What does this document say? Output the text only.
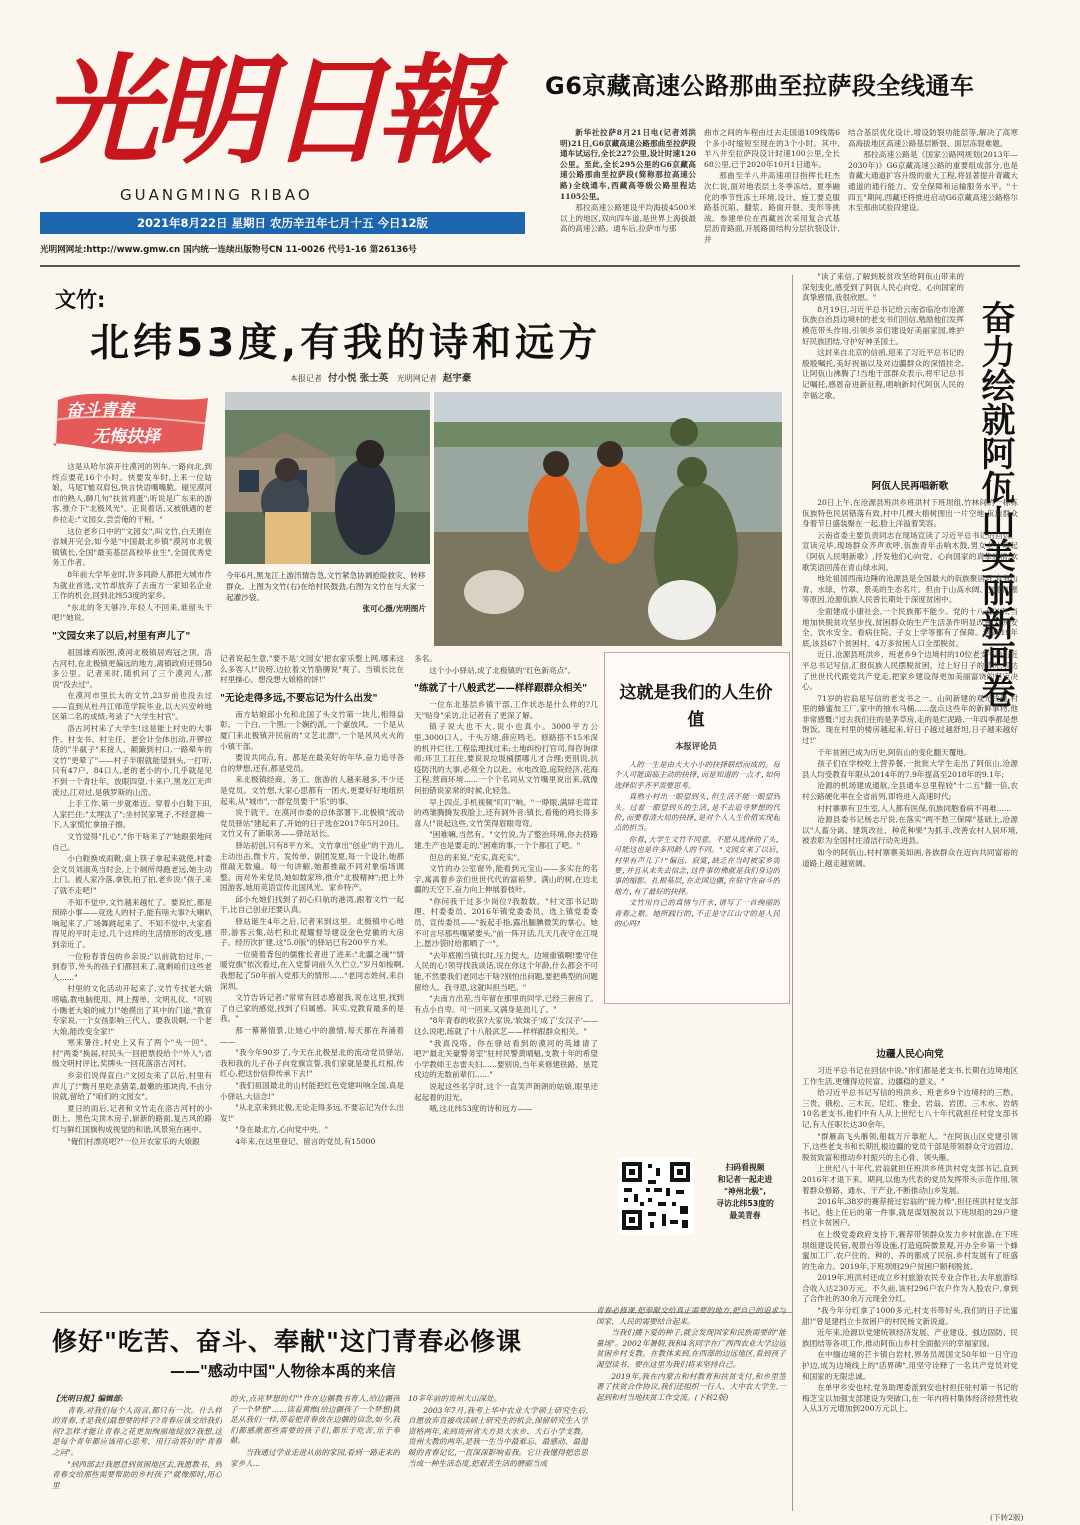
光
明
日
報
GUANGMING RIBAO
2021年8月22日 星期日 农历辛丑年七月十五 今日12版
光明网网址:http://www.gmw.cn 国内统一连续出版物号CN 11-0026 代号1-16 第26136号
G6京藏高速公路那曲至拉萨段全线通车

新华社拉萨8月21日电(记者刘洪明)21日,G6京藏高速公路那曲至拉萨段通车试运行,全长227公里,设计时速120公里。至此,全长295公里的G6京藏高速公路那曲至拉萨段(简称那拉高速公路)全线通车,西藏高等级公路里程达1105公里。

那拉高速公路建设平均海拔4500米以上的地区,双向四车道,是世界上海拔最高的高速公路。通车后,拉萨市与那

曲市之间的车程由过去走国道109线需6个多小时缩短至现在的3个小时。其中,羊八井至拉萨段设计时速100公里,全长68公里,已于2020年10月1日通车。

那曲至羊八井高速项目指挥长旺杰次仁说,面对地表层土冬季冻结、夏季融化的季节性冻土环境,设计、施工要克服路基沉陷、翻浆、路面开裂、变形等挑战。参建单位在西藏首次采用复合式基层沥青路面,开展路面结构分层抗裂设计,并

结合基层优化设计,增设防裂功能层等,解决了高寒高海拔地区高速公路基层断裂、面层冻裂难题。

那拉高速公路是《国家公路网规划(2013年—2030年)》G6京藏高速公路的重要组成部分,也是青藏大通道扩容升级的重大工程,将显著提升青藏大通道的通行能力、安全保障和运输服务水平。"十四五"期间,西藏还将推进启动G6京藏高速公路格尔木至那曲试验段建设。

文竹:
北纬53度,有我的诗和远方
本报记者 付小悦 张士英 光明网记者 赵宇豪
奋斗青春
无悔抉择
今年6月,黑龙江上游汛情告急,文竹紧急协调抢险救灾、转移群众。上图为文竹(右)在给村民鼓劲,右图为文竹在与大家一起灌沙袋。
张可心摄/光明图片

这是从哈尔滨开往漠河的列车,一路向北,到终点要花16个小时。快要发车时,上来一位姑娘。马尾T恤双肩包,快言快语嘴嘴脆。碰见漠河市的熟人,聊几句"扶贫鸡蛋";听说是广东来的游客,推介下"北极风光"。正说着话,又被俄遇的老乡拉走:"文园女,尝尝俺的干粮。"

这位老乡口中的"文园女",叫文竹,白天刚在省城开完会,如今是"中国最北乡镇"漠河市北极镇镇长,全国"最美基层高校毕业生",全国优秀党务工作者。

8年前大学毕业时,许多同龄人都把大城市作为就业首选,文竹却放弃了去南方一家知名企业工作的机会,回到北纬53度的家乡。

"东北的冬天够冷,年轻人不回来,谁留头干吧!"她说。

"文园女来了以后,村里有声儿了"

祖国雄鸡版图,漠河北极镇居鸡冠之顶。洛古河村,在北极镇更偏远的地方,离镇政府还得50多公里。记者来时,随机问了三个漠河人,都说"没去过"。

在漠河市里长大的文竹,23岁前也没去过——直到从杜丹江师范学院毕业,以大兴安岭地区第二名的成绩,考录了"大学生村官"。

洛古河村来了大学生!这是能上村史的大事件。村支书、村主任、老会计全体出动,开锣拉货的"半截子"来接人。颠簸到村口,一路晕车的文竹"更晕了"——村子半眼就能望到头,一打听,只有47户、84口人,老的老小的小,几乎就是见不到一个青壮年。放眼四望,十来户,黑龙江无声流过,江对过,是俄罗斯的山峦。

上手工作,第一步就难迈。穿着小白鞋下田,人家拦住:"太埋汰了";坐村民家凳子,不经意拂一下,人家慌忙拿抽子擦。

文竹觉得"扎心","你干啥来了?"她跟狠地问自己。

小白鞋换成雨靴,桌上筷子拿起来就使,村委会文员刘淑英当时会,上个厕所得跑老远,她主动上门。被人家冷落,拿铁,拍了拍,老乡说:"孩子,来了就不走吧!"

不知不觉中,文竹越来越忙了。要说忙,都是琐碎小事——竞选人的村子,能有啥大事?大喇叭响起来了,广场舞跳起来了。不知不觉中,大家看得见的平时走过,几个这样的生活情形的改变,感到亲近了。

一位粉春背包的乡亲说:"以前就怕过年,一到春节,外头的孩子们都回来了,就剩咱们这些老人......"

村里的文化活动开起来了,文竹专找老大娘唠嗑,教电脑使用、网上搜单、文明礼仪、"可别小瞧老大娘的威力!"她摸出了其中的门道,"教育专家说,一个女孩影响三代人。要我说啊,一个老大娘,能改变全家!"

寒来暑往,村史上又有了两个"头一回"。村"两委"换届,村民头一回把票投给个"外人";省级文明村评比,奖牌头一回花落洛古河村。

乡亲们说得直白:"文园女来了以后,村里有声儿了!"黝月里吃杀猪菜,最嫩的那块肉,不由分说就,留给了"咱们的文园女"。

夏日的雨后,记者和文竹走在洛古河村的小街上。黑色尖顶木房子,崭新的路面,复古风的路灯与鲜红国旗构成视觉的和谐,风景宛在画中。

"俺们村漂亮吧?"一位开农家乐的大娘跟

记者说起生意,"要不是'文园女'把农家乐整上网,哪来这么多客人!"说唠,边拉着文竹胳膊说"爽了。当镇长比在村里操心。想没想大娘格的饼!"

"无论走得多远,不要忘记为什么出发"

南方姑娘邱小允和北国了头文竹第一块儿,相得益彰。一个白,一个黑;一个娴约派,一个豪放风。一个是从厦门来北极镇开民宿的"文艺北漂",一个是风风火火的小镇干部。

要说共同点,有。都是在最美好的年华,奋力追寻各自的梦想,还有,都是党员。

来北极镇经商、务工、旅游的人越来越多,不少还是党员。文竹想,大家心思都有一团火,更要好好地组织起来,从"城市",一群党员要干"乐"的事。

说干就干。在漠河市委的总体部署下,北极镇"流动党员驿站"建起来了,开始的日子选在2017年5月20日。文竹又有了新职务——驿站站长。

驿站初创,只有8平方米。文竹拿出"创业"的干劲儿,主动出击,微卡片、发传单、剧团发夏,每一个设计,她都推敲无数遍。每一句讲解,她都推敲不同对象临场调整。而对外来党员,她如数家珍,推介"北极精神";把上外国游客,她用英语宣传北国风光、家乡特产。

邱小允她们找到了初心归航的港湾,跟着文竹一起干,比自己创业还要认真。

驿站诞生4年之后,记者来到这里。北极镇中心地带,游客云集,站栏和北观耀督导建设金色党徽的大房子。经历次扩建,这"5.0版"的驿站已有200平方米。

一位骑着背包的儒雅长者进了进来:"北疆之魂""情暖党旗"依次看过,在入党誓词前久久伫立,"岁月如梭啊,我想起了50年前入党那天的情形......"老同志姓何,来自深圳。

文竹告诉记者:"常常有回志感谢我,说在这里,找到了自己家的感觉,找到了归属感。其实,党教育最多的是我。"

那一幕幕情景,让她心中的激情,每天都在奔涌着——

"我今年90岁了,今天在北极星北的流动党员驿站,我和我的儿子孙子向党旗宣誓,我们家就是要扎红根,传红心,把这份信仰传承下去!"

"我们祖国最北的山村能把红色党建叫响全国,真是小驿站,大信念!"

"从北京来到北极,无论走得多远,不要忘记为什么出发!"

"身在最北方,心向党中央。"

4年来,在这里登记、留言的党员,有15000

多名。

这个小小驿站,成了北极镇的"红色新亮点"。

"练就了十八般武艺——样样跟群众相关"

一位东北基层乡镇干部,工作状态是什么样的?几天"贴身"采访,让记者有了更深了解。

镇子说大也不大,说小也真小。3000平方公里,3000口人。千头万绪,薛应鸣毛。修路搭不15米深的机井烂住,工程监理找过来;土地纠纷打官司,得咨询律师;环卫工扛住,要说说垃圾桶摆哪儿才合理;更别说,抗疫防汛的大事,必须全力以赴。水电改造,庭院经济,花海工程,营商环境......一个个名词从文竹嘴里说出来,就像何拍错说家常的时候,化轻急。

早上四点,手机视频"叮叮"响。"一睁眼,满屏毛茸茸的鸡雏腾腾发我脸上,还有洞外音:镇长,看俺的鸡长得多喜人!"说起这些,文竹笑得眉眼弯弯。

"困难嘛,当然有。"文竹说,为了整治环境,你去挤路建,生产也是要走的,"困难的事,一个个都扛了吧。"

但总的来说,"充实,真充实"。

文竹的办公室窗外,能看到元宝山——多实在的名字,寓离着乡亲们世世代代的富裕梦。满山的树,在边北疆的天空下,奋力向上伸展着枝叶。

"你问我干过多少岗位?我数数。"村文部书记助理、村委委员、2016年镇党委委员、选上镇党委委员、宣传委员——"扳起手指,露出腼腆微笑的掌心。她不可言尽那些嘴紧要头,"前一阵开活,几天几夜守在江堤上,愿沙袋时给都晒了一"。

"去年底刚当镇长时,压力挺大。边境重镇啊!要守住人民的心!领导找我谈话,说在你这个年龄,什么都会不可能,不然要我们老同志干啥?别怕出问题,要把典型的问题留给人。我寻思,这就叫担当吧。"

"去南方出差,当年留在那里的同学,已经三套房了。有点小自卑。可一回来,又满身是劲儿了。"

"8年青春的收获?大家说,'软妹子'成了'女汉子'——这么说吧,练就了十八般武艺——样样跟群众相关。"

"我真没咯。你在驿站看到的漠河的英雄请了吧?"最北关豪警务室"驻村民警黄晴魁,支教十年的希望小学教师王志雷夫妇......要别说,当年来修建铁路、垦荒戍边的无数前辈们......"

说起这些名字时,这个一直笑声朗朗的姑娘,眼里还起起着的泪光。

哦,这北纬53度的诗和远方——

这就是我们的人生价值
本报评论员

人的一生是由大大小小的抉择联结而成的。每个人可能面临主动的抉择,而是知道的一点才,如何选择似乎齐平需要思考。

真熟小村出一眼望到头,但生活不能一眼望到头。过着一眼望到头的生活,是不去追寻梦想的代价,而要看清大局的抉择,是对个人人生价值实现起点的担当。

你看,大学生文竹不同意。不愿从选择的了头,可能这也是许多同龄人的不同。"文园女来了以后,村里有声儿了!"偏远、寂寞,缺乏在当时被家乡需要,并且从未失去信念,这件事仿佛就是我们身边的事的缩影。扎根基层,在北国边疆,在驻守在奋斗的地方,有了最好的抉择。

文竹用自己的真情与汗水,谱写了一首绚丽的青春之歌。她所践行的,不正是守江山守的是人民的心吗?

扫码看视频
和记者一起走进
"神州北极",
寻访北纬53度的
最美青春
奋力绘就阿佤山美丽新画卷

"读了来信,了解到脱贫攻坚给阿佤山带来的深刻变化,感受到了阿佤人民心向党、心向国家的真挚感情,我很欣慰。"

8月19日,习近平总书记给云南省临沧市沧源佤族自治县边境村的老支书们回信,勉励他们发挥模范带头作用,引领乡亲们建设好美丽家园,维护好民族团结,守护好神圣国土。

这封来自北京的信函,迎来了习近平总书记的殷殷嘱托,美好祝福以及对边疆群众的深情挂念,让阿佤山沸腾了!当地干部群众表示,将牢记总书记嘱托,感恩奋进新征程,唱响新时代阿佤人民的幸福之歌。

阿佤人民再唱新歌

20日上午,在沧源县班洪乡班洪村下班坝组,竹林间的一栋栋佤族特色民居错落有致,村中几棵大榕树围出一片空地,佤族群众身着节日盛装聚在一起,脸上洋溢着笑容。

云南省委主要负责同志在现场宣读了习近平总书记的回信。宣读完毕,现场群众齐声欢呼,佤族青年击响木鼓,男女老少唱起《阿佤人民唱新歌》,抒发他们心向党、心向国家的真挚感情,欢歌笑语回荡在青山绿水间。

地处祖国西南边陲的沧源县是全国最大的佤族聚居县,有着山青、水绿、竹翠、景美的生态名片。但由于山高水阔、交通闭塞等原因,沧源佤族人民曾长期处于深度贫困中。

全面建成小康社会,一个民族都不能少。党的十八大以来,当地加快脱贫攻坚步伐,贫困群众的生产生活条件明显改善,住房安全、饮水安全、看病住院、子女上学等都有了保障。到2019年底,该县67个贫困村、4万多贫困人口全部脱贫。

近日,沧源县班洪乡、班老乡9个边境村的10位老支书给习近平总书记写信,汇报佤族人民摆脱贫困、过上好日子的情况,表达了世世代代跟党共产党走,把家乡建设得更加美丽富饶的坚定决心。

71岁的岩翁是写信的老支书之一。山间新建的观光栈道,村里的蜂蜜加工厂,家中的抽水马桶......盘点这些年的新鲜事物,他非常感慨:"过去我们住的是茅草房,走的是烂泥路,一年四季都是想饱饭。现在村里的楼房越起来,好日子越过越舒坦,日子越来越好过!"

千年贫困已成为历史,阿佤山的变化翻天覆地。

孩子们在学校吃上营养餐,一批批大学生走出了阿佤山,沧源县人均受教育年限从2014年的7.9年提高至2018年的9.1年;

沧源的机场建成通航,全县通车总里程较"十二五"翻一倍,农村公路硬化率在全省前列,即将进入高速时代;

村村寨寨有卫生室,人人都有医保,佤族同胞看病不再难......

沧源县委书记杨志厅说,在落实"两不愁三保障"基础上,沧源以"人畜分离、建筑改社、种花种果"为抓手,改善农村人居环境,被表彰为全国村庄清洁行动先进县。

如今的阿佤山,村村寨寨美如画,各族群众在迈向共同富裕的道路上越走越宽阔。

边疆人民心向党

习近平总书记在回信中说,"你们都是老支书,长期在边境地区工作生活,更懂得边民富、边疆稳的意义。"

给习近平总书记写信的班洪乡、班老乡9个边境村的三愁、三贵、俄松、三木瓦、尼红、雅金、岩翁、岩团、三木水、岩炳10名老支书,他们中有人从上世纪七八十年代就担任村党支部书记,有人任职长达30余年。

"群雁高飞头雁领,船载万斤靠舵人。"在阿佤山区党建引领下,这些老支书和长期扎根边疆的党员干部是带领群众守边固边、脱贫致富和推动乡村振兴的主心骨、领头雁。

上世纪八十年代,岩翁就担任班洪乡班洪村党支部书记,直到2016年才退下来。期间,以他为代表的党员发挥带头示范作用,领着群众修路、通水、干产业,不断推动山乡发展。

2016年,38岁的赛荐接过岩翁的"接力棒",担任班洪村党支部书记。他上任后的第一件事,就是谋划脱贫以下班坝组的29户建档立卡贫困户。

在上级党委政府支持下,赛荐带领群众发力乡村旅游,在下班坝组建设民宿,观景台等设施,打造庭院微景观,开办全乡第一个蜂蜜加工厂,农户住的、种的、养的都成了民宿,乡村发展有了旺盛的生命力。2019年,下班坝组29户贫困户顺利脱贫。

2019年,班洪村还成立乡村旅游农民专业合作社,去年旅游综合收入达230万元。不久前,该村296户农户作为入股农户,拿到了合作社的30余万元现金分红。

"我今年分红拿了1000多元,村支书带好头,我们的日子比蜜甜!"曾是建档立卡贫困户的村民杨文新说道。

近年来,沧源以党建统领经济发展、产业建设、强边固防、民族团结等各项工作,推动阿佤山乡村全面振兴的幸福家园。

在中缅边境的芒卡镇白岩村,界务员周国文50年如一日守边护边,成为边境线上的"活界碑",用坚守诠释了一名共产党员对党和国家的无限忠诚。

在单甲乡安也村,党务助理委派到安也村担任驻村第一书记的梅芝宝以加强支部建设为突破口,在一年内将村集体经济经营性收入从3万元增加到200万元以上。

(下转2版)
修好"吃苦、奋斗、奉献"这门青春必修课
——"感动中国"人物徐本禹的来信

【光明日报】编辑部:

青春,对我们每个人而言,都只有一次。什么样的青春,才是我们最想要的样子?青春应该交给我们何?怎样才能让青春之花更加绚丽地绽放?我想,这是每个青年都应该用心思考、用行动答好的"青春之问"。

"到西部去!我愿意到贫困地区去,我愿教书、到青春交给那些需要帮助的乡村孩子"就像那时,用心里

的火,点亮梦想的灯""作在边疆教书育人,给边疆孩子一个梦想"......读着黄维(给边疆孩子一个梦想)就是从我们一样,带着把青春放在边疆的信念,如今,我们都感激那些需要的孩子们,都乐于吃苦,乐于奉献。

当我通过学业走进从前的家园,看到一路走来的家乡人...

10多年前的贵州大山深处。

2003年7月,我考上华中农业大学硕士研究生后,自愿放弃直接攻读硕士研究生的机会,保留研究生入学资格两年,来到贵州省大方县大水乡、大石小学支教。贵州大教的两年,是我一生当中最难忘、最感动、最温暖的青春记忆,一直深深影响着我。它让我懂得把忠思当成一种生活态度,把艰苦生活的磨砺当成

青春必修课,把奉献交给真正需要的地方,把自己的追求与国家、人民的需要结合起来。

当我们播下爱的种子,就会发现国家和民族需要的"能量场"。2002年暑假,我和4名同学在广西西农业大学边远贫困乡村支教。在教体来到,在西部的边远地区,看到孩子渴望读书、要在这里为我们将来坚持自己。

2019年,我在内蒙古和村教育和扶贫支付,和乡里签署了扶贫合作协议,我们还组织一行人、大中农大学生,一起到和村当地扶贫工作交流。(下转2版)
